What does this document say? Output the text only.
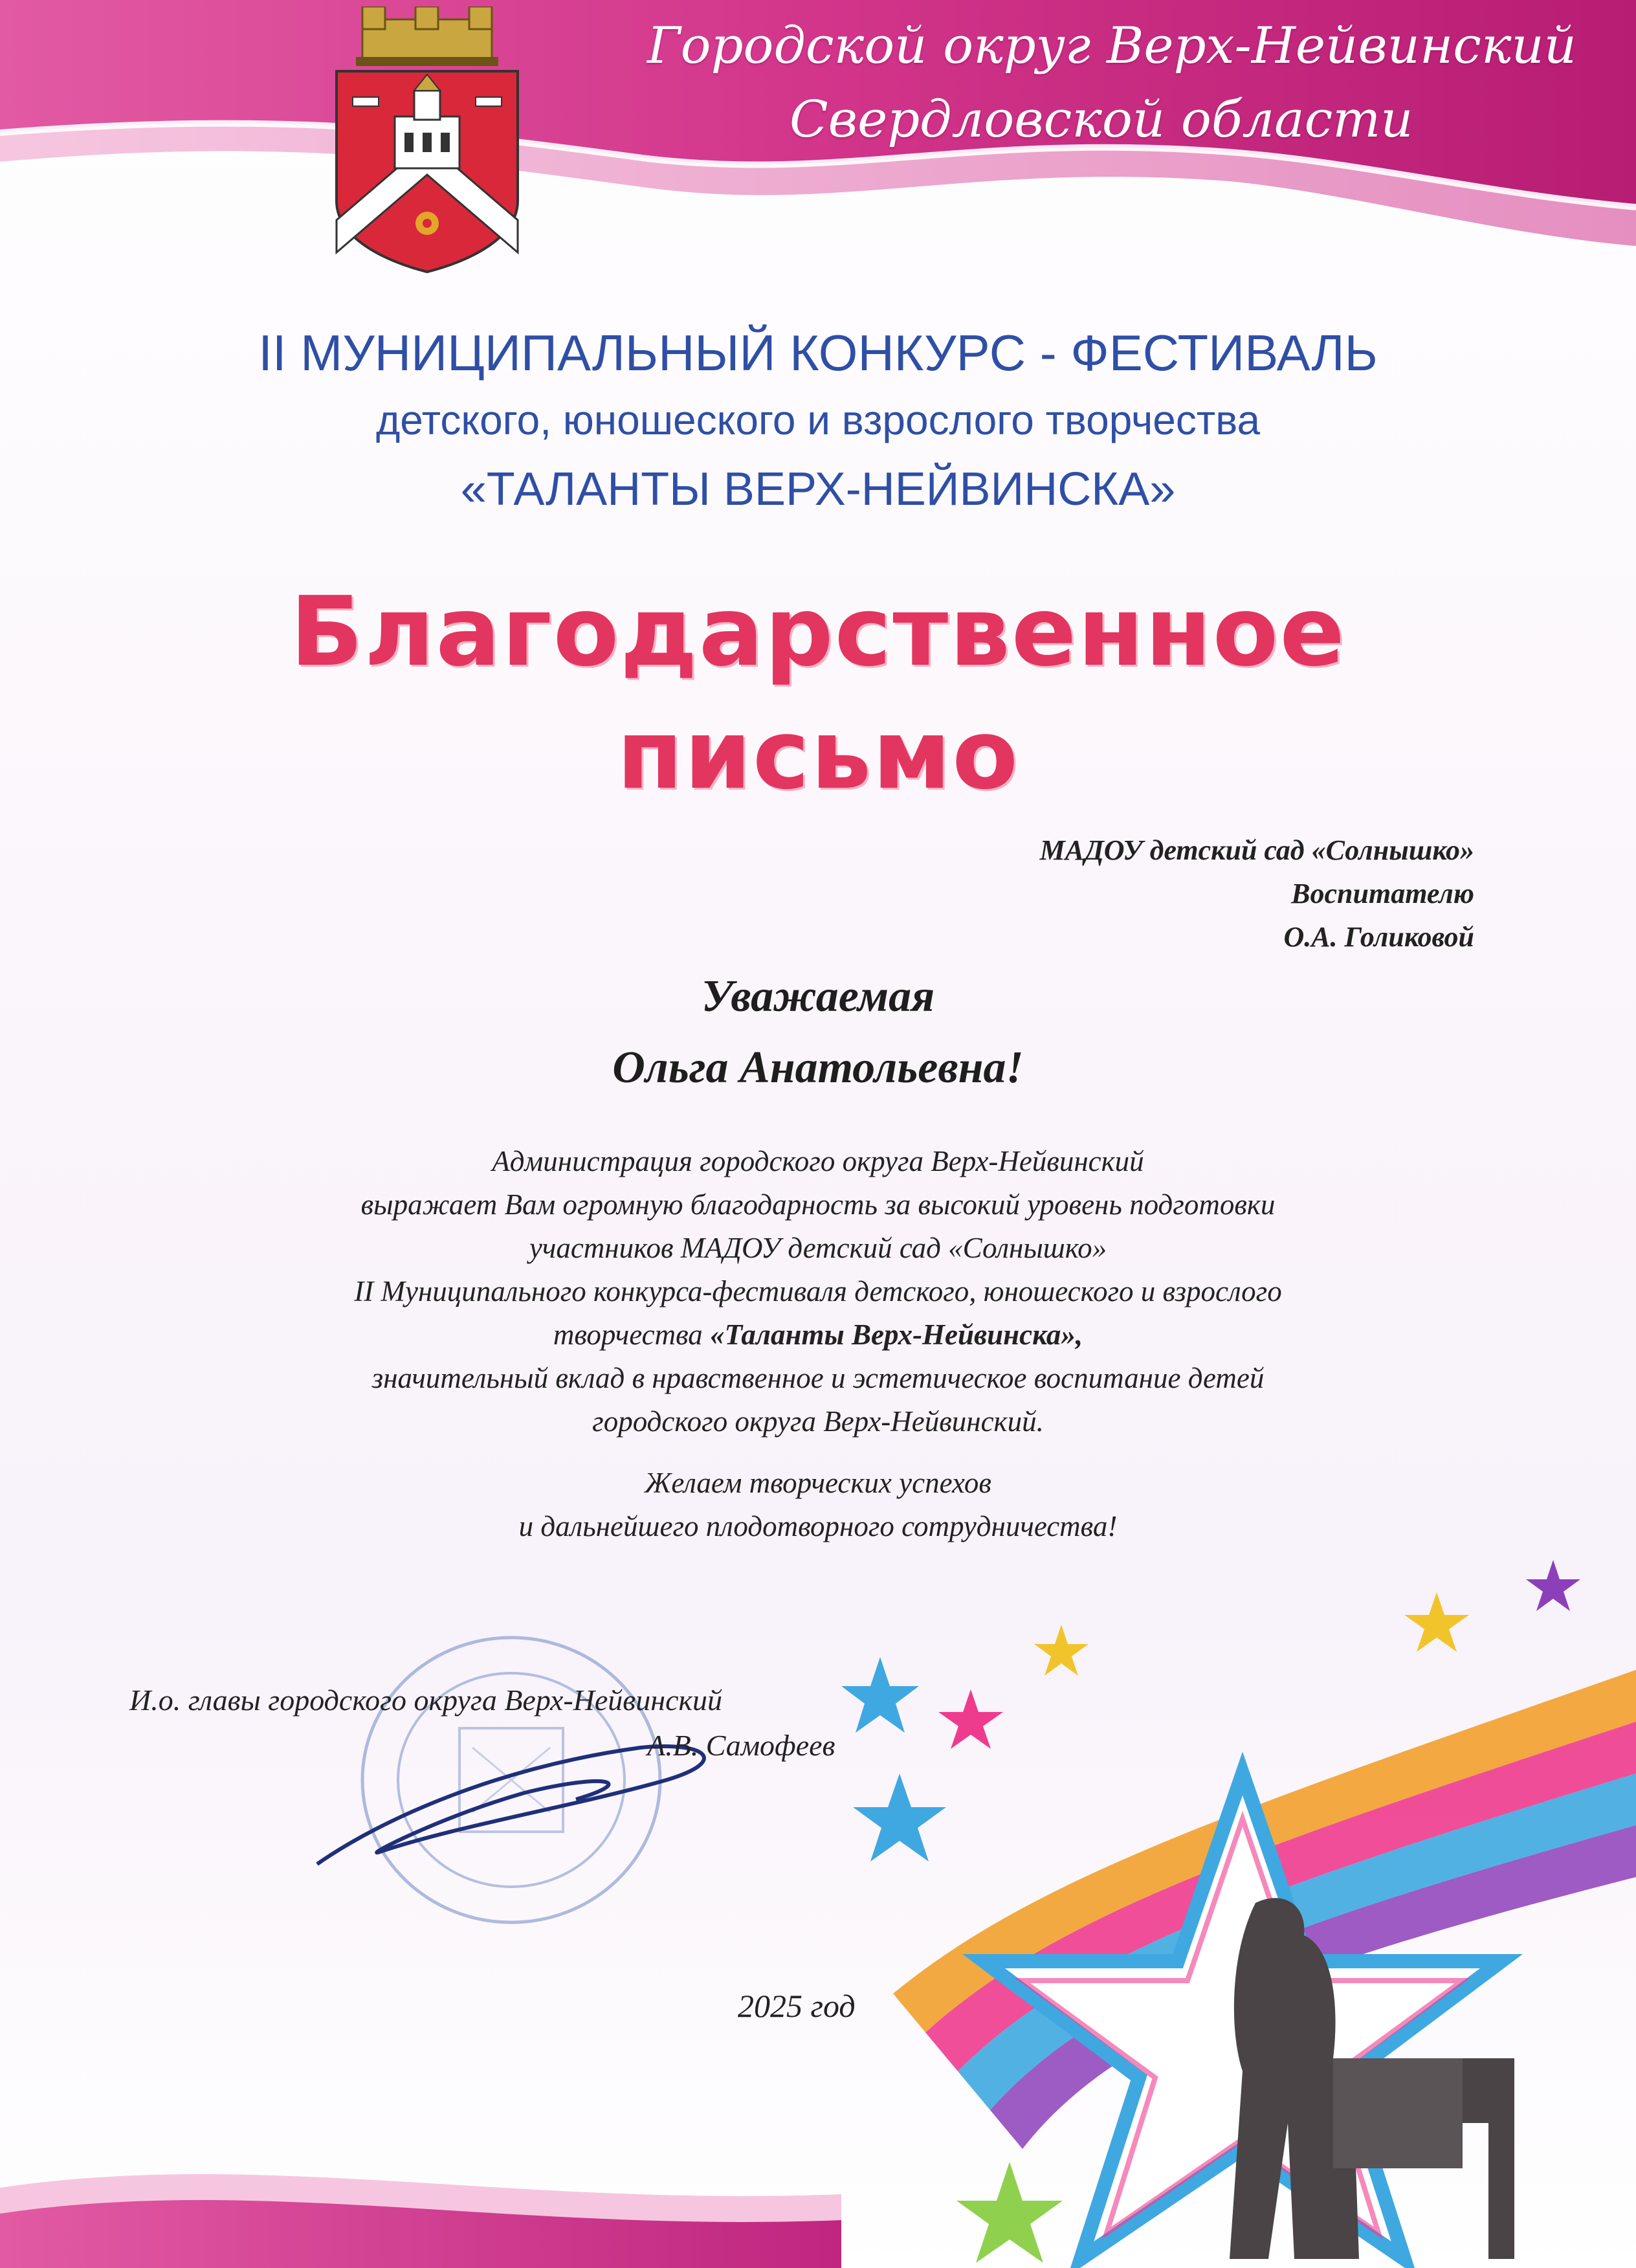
Городской округ Верх-Нейвинский
Свердловской области
II МУНИЦИПАЛЬНЫЙ КОНКУРС - ФЕСТИВАЛЬ
детского, юношеского и взрослого творчества
«ТАЛАНТЫ ВЕРХ-НЕЙВИНСКА»
Благодарственное
письмо
МАДОУ детский сад «Солнышко»
Воспитателю
О.А. Голиковой
Уважаемая
Ольга Анатольевна!
Администрация городского округа Верх-Нейвинский
выражает Вам огромную благодарность за высокий уровень подготовки
участников МАДОУ детский сад «Солнышко»
II Муниципального конкурса-фестиваля детского, юношеского и взрослого
творчества «Таланты Верх-Нейвинска»,
значительный вклад в нравственное и эстетическое воспитание детей
городского округа Верх-Нейвинский.
Желаем творческих успехов
и дальнейшего плодотворного сотрудничества!
И.о. главы городского округа Верх-Нейвинский
А.В. Самофеев
2025 год
